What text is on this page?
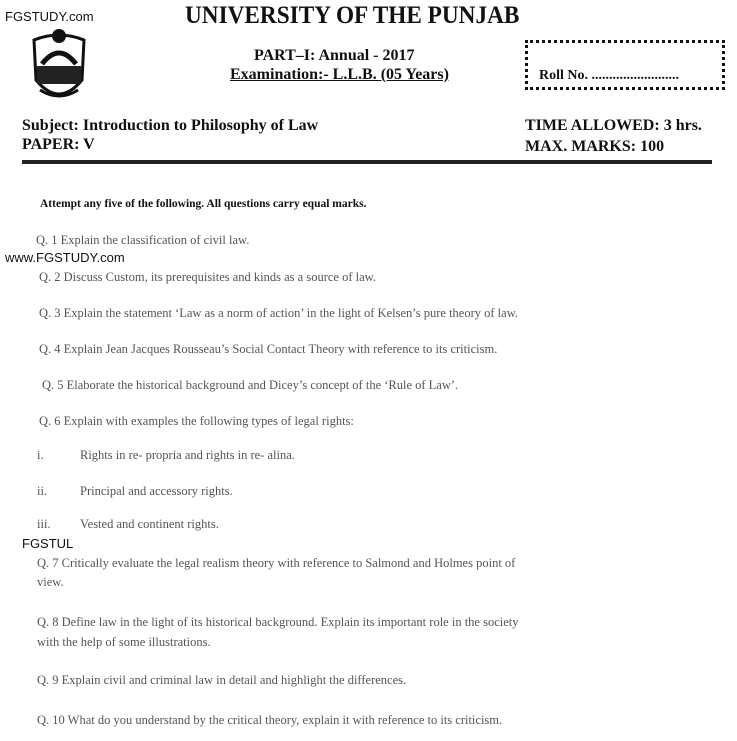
FGSTUDY.com	UNIVERSITY OF THE PUNJAB
PART–I: Annual - 2017
Examination:- L.L.B. (05 Years)	Roll No. .........................
Subject: Introduction to Philosophy of Law
PAPER: V
TIME ALLOWED: 3 hrs.
MAX. MARKS: 100
Attempt any five of the following. All questions carry equal marks.
Q. 1 Explain the classification of civil law.
www.FGSTUDY.com
Q. 2 Discuss Custom, its prerequisites and kinds as a source of law.
Q. 3 Explain the statement ‘Law as a norm of action’ in the light of Kelsen’s pure theory of law.
Q. 4 Explain Jean Jacques Rousseau’s Social Contact Theory with reference to its criticism.
Q. 5 Elaborate the historical background and Dicey’s concept of the ‘Rule of Law’.
Q. 6 Explain with examples the following types of legal rights:
i.	Rights in re- propria and rights in re- alina.
ii.	Principal and accessory rights.
iii. Vested and continent rights.
FGSTUL
Q. 7 Critically evaluate the legal realism theory with reference to Salmond and Holmes point of
view.
Q. 8 Define law in the light of its historical background. Explain its important role in the society
with the help of some illustrations.
Q. 9 Explain civil and criminal law in detail and highlight the differences.
Q. 10 What do you understand by the critical theory, explain it with reference to its criticism.
